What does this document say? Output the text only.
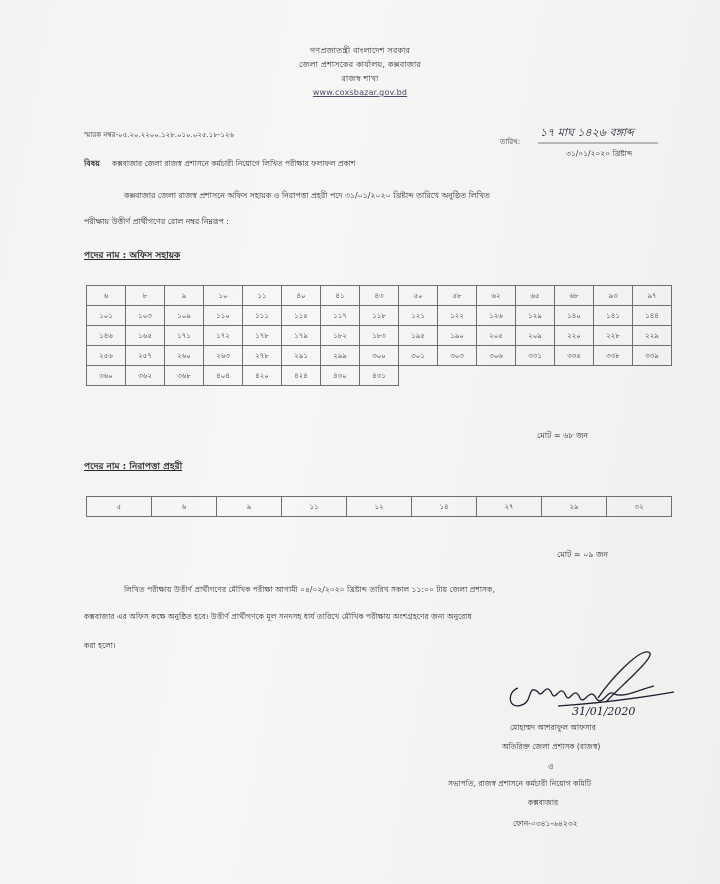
গণপ্রজাতন্ত্রী বাংলাদেশ সরকার
জেলা প্রশাসকের কার্যালয়, কক্সবাজার
রাজস্ব শাখা
www.coxsbazar.gov.bd
স্মারক নম্বর-০৫.২০.২২০০.১২৮.০১০.০২৫.১৮-১২৬
তারিখ:
১৭ মাঘ ১৪২৬ বঙ্গাব্দ
৩১/০১/২০২০ খ্রিষ্টাব্দ
বিষয় কক্সবাজার জেলা রাজস্ব প্রশাসনে কর্মচারী নিয়োগে লিখিত পরীক্ষার ফলাফল প্রকাশ
কক্সবাজার জেলা রাজস্ব প্রশাসনে অফিস সহায়ক ও নিরাপত্তা প্রহরী পদে ৩১/০১/২০২০ খ্রিষ্টাব্দ তারিখে অনুষ্ঠিত লিখিত
পরীক্ষায় উত্তীর্ণ প্রার্থীগণের রোল নম্বর নিম্নরূপ :
পদের নাম : অফিস সহায়ক
৬	৮	৯	১০	১১	৪০	৪১	৪৩	৫০	৫৮	৬২	৬৫	৬৮	৯৩	৯৭
১০১	১০৩	১০৯	১১০	১১১	১১৫	১১৭	১১৮	১২১	১২২	১২৬	১২৯	১৪০	১৪১	১৪৪
১৪৬	১৬৫	১৭১	১৭২	১৭৮	১৭৯	১৮২	১৮৩	১৯৫	১৯০	২০৫	২০৯	২২০	২২৮	২২৯
২৫৬	২৫৭	২৬০	২৬৩	২৭৮	২৯১	২৯৯	৩০০	৩০১	৩০৩	৩০৬	৩৩১	৩৩৫	৩৩৮	৩৩৯
৩৬০	৩৬২	৩৬৮	৪০৪	৪২০	৪২৪	৪৩০	৪৩১							
মোট = ৬৮ জন
পদের নাম : নিরাপত্তা প্রহরী
৫	৬	৯	১১	১২	১৪	২৭	২৯	৩২
মোট = ০৯ জন
লিখিত পরীক্ষায় উত্তীর্ণ প্রার্থীগণের মৌখিক পরীক্ষা আগামী ০৪/০২/২০২০ খ্রিষ্টাব্দ তারিখ সকাল ১১:০০ টায় জেলা প্রশাসক,
কক্সবাজার এর অফিস কক্ষে অনুষ্ঠিত হবে। উত্তীর্ণ প্রার্থীগণকে মূল সনদসহ ধার্য তারিখে মৌখিক পরীক্ষায় অংশগ্রহণের জন্য অনুরোধ
করা হলো।
31/01/2020
মোহাম্মদ আশরাফুল আফসার
অতিরিক্ত জেলা প্রশাসক (রাজস্ব)
ও
সভাপতি, রাজস্ব প্রশাসনে কর্মচারী নিয়োগ কমিটি
কক্সবাজার
ফোন-০৩৪১-৬৪২৩২
